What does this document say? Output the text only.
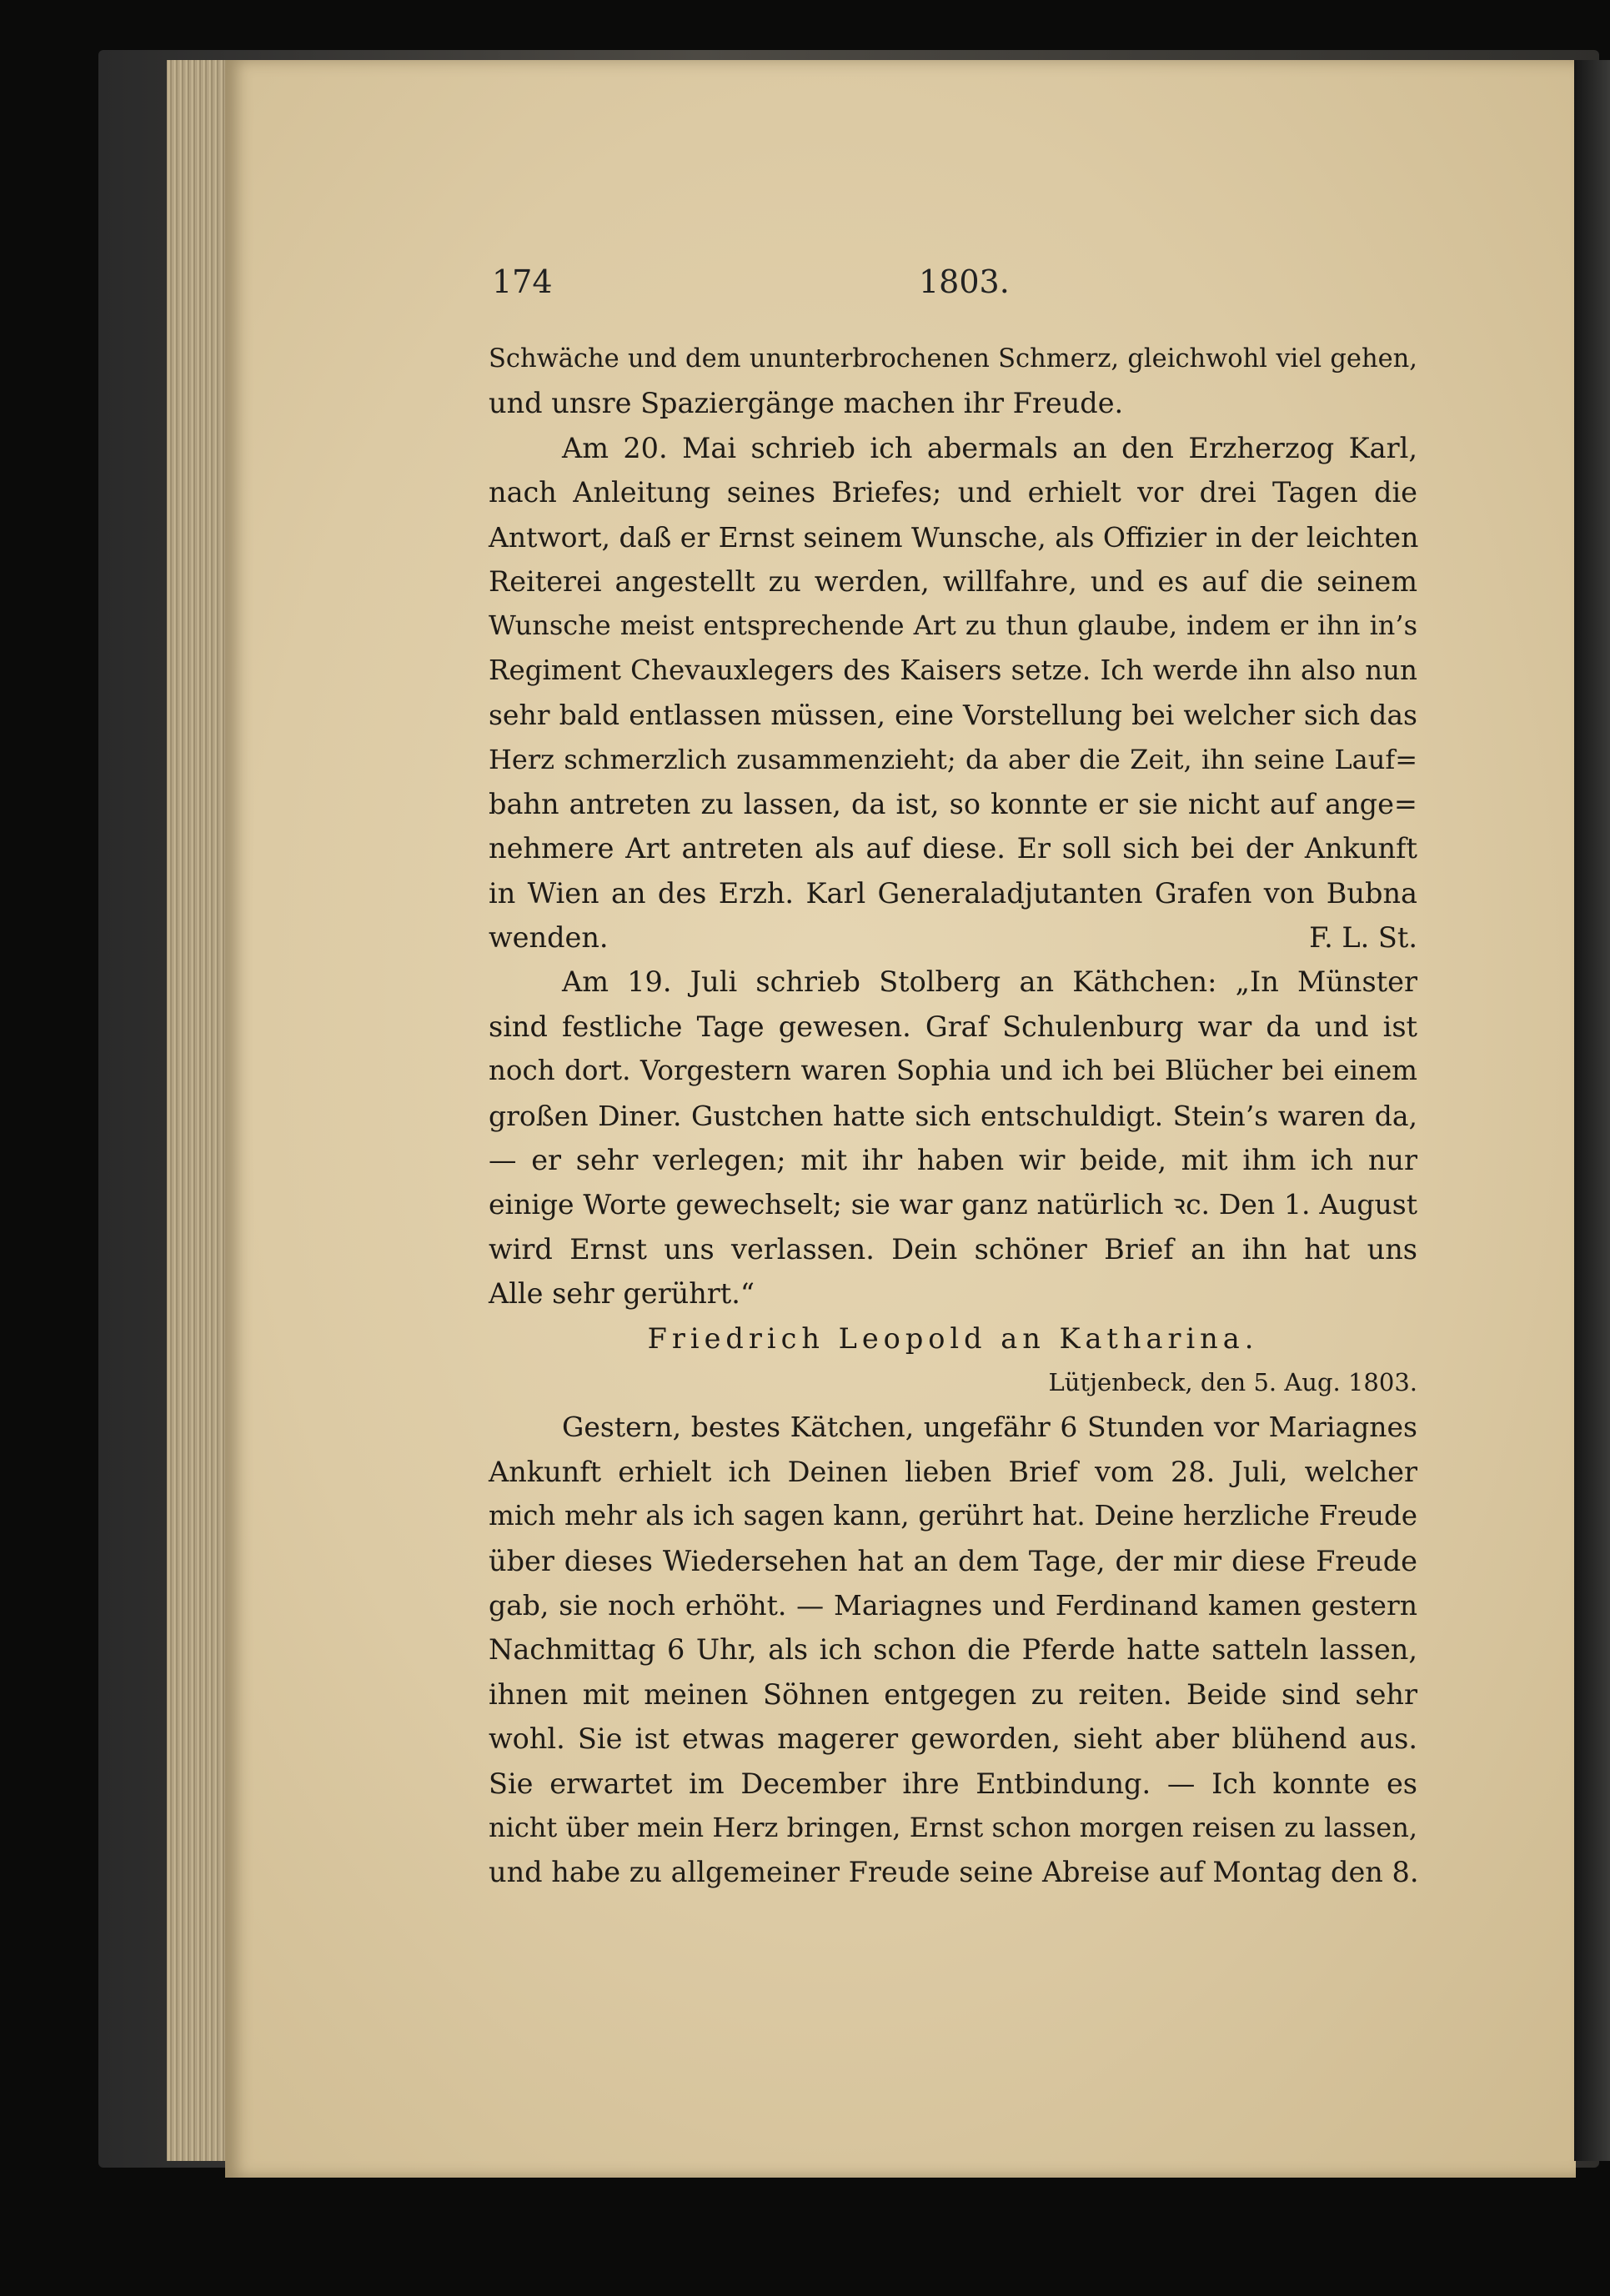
174	1803.
Schwäche und dem ununterbrochenen Schmerz, gleichwohl viel gehen,
und unsre Spaziergänge machen ihr Freude.
Am 20. Mai schrieb ich abermals an den Erzherzog Karl,
nach Anleitung seines Briefes; und erhielt vor drei Tagen die
Antwort, daß er Ernst seinem Wunsche, als Offizier in der leichten
Reiterei angestellt zu werden, willfahre, und es auf die seinem
Wunsche meist entsprechende Art zu thun glaube, indem er ihn in’s
Regiment Chevauxlegers des Kaisers setze. Ich werde ihn also nun
sehr bald entlassen müssen, eine Vorstellung bei welcher sich das
Herz schmerzlich zusammenzieht; da aber die Zeit, ihn seine Lauf=
bahn antreten zu lassen, da ist, so konnte er sie nicht auf ange=
nehmere Art antreten als auf diese. Er soll sich bei der Ankunft
in Wien an des Erzh. Karl Generaladjutanten Grafen von Bubna
wenden.	F. L. St.
Am 19. Juli schrieb Stolberg an Käthchen: „In Münster
sind festliche Tage gewesen. Graf Schulenburg war da und ist
noch dort. Vorgestern waren Sophia und ich bei Blücher bei einem
großen Diner. Gustchen hatte sich entschuldigt. Stein’s waren da,
— er sehr verlegen; mit ihr haben wir beide, mit ihm ich nur
einige Worte gewechselt; sie war ganz natürlich ꝛc. Den 1. August
wird Ernst uns verlassen. Dein schöner Brief an ihn hat uns
Alle sehr gerührt.“
Friedrich Leopold an Katharina.
Lütjenbeck, den 5. Aug. 1803.
Gestern, bestes Kätchen, ungefähr 6 Stunden vor Mariagnes
Ankunft erhielt ich Deinen lieben Brief vom 28. Juli, welcher
mich mehr als ich sagen kann, gerührt hat. Deine herzliche Freude
über dieses Wiedersehen hat an dem Tage, der mir diese Freude
gab, sie noch erhöht. — Mariagnes und Ferdinand kamen gestern
Nachmittag 6 Uhr, als ich schon die Pferde hatte satteln lassen,
ihnen mit meinen Söhnen entgegen zu reiten. Beide sind sehr
wohl. Sie ist etwas magerer geworden, sieht aber blühend aus.
Sie erwartet im December ihre Entbindung. — Ich konnte es
nicht über mein Herz bringen, Ernst schon morgen reisen zu lassen,
und habe zu allgemeiner Freude seine Abreise auf Montag den 8.
